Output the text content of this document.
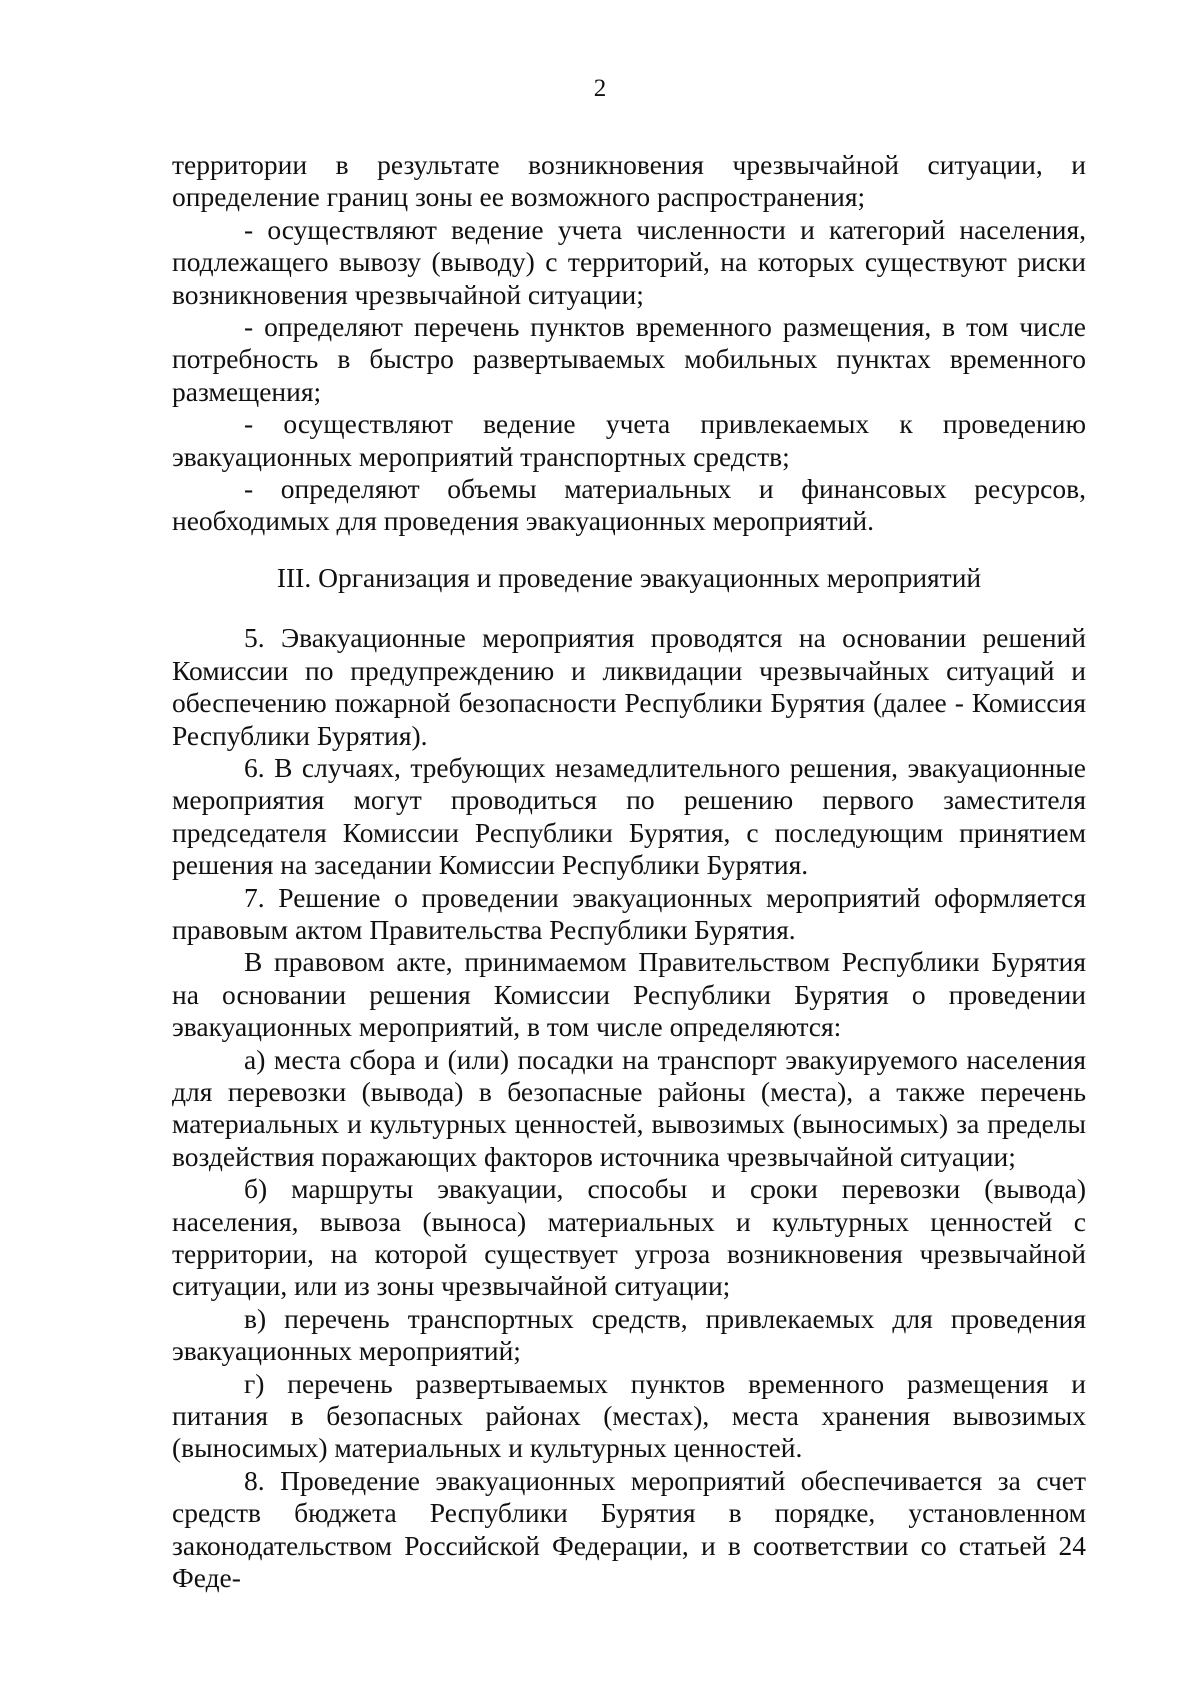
2

территории в результате возникновения чрезвычайной ситуации, и определение границ зоны ее возможного распространения;

- осуществляют ведение учета численности и категорий населения, подлежащего вывозу (выводу) с территорий, на которых существуют риски возникновения чрезвычайной ситуации;

- определяют перечень пунктов временного размещения, в том числе потребность в быстро развертываемых мобильных пунктах временного размещения;

- осуществляют ведение учета привлекаемых к проведению эвакуационных мероприятий транспортных средств;

- определяют объемы материальных и финансовых ресурсов, необходимых для проведения эвакуационных мероприятий.

III. Организация и проведение эвакуационных мероприятий

5. Эвакуационные мероприятия проводятся на основании решений Комиссии по предупреждению и ликвидации чрезвычайных ситуаций и обеспечению пожарной безопасности Республики Бурятия (далее - Комиссия Республики Бурятия).

6. В случаях, требующих незамедлительного решения, эвакуационные мероприятия могут проводиться по решению первого заместителя председателя Комиссии Республики Бурятия, с последующим принятием решения на заседании Комиссии Республики Бурятия.

7. Решение о проведении эвакуационных мероприятий оформляется правовым актом Правительства Республики Бурятия.

В правовом акте, принимаемом Правительством Республики Бурятия на основании решения Комиссии Республики Бурятия о проведении эвакуационных мероприятий, в том числе определяются:

а) места сбора и (или) посадки на транспорт эвакуируемого населения для перевозки (вывода) в безопасные районы (места), а также перечень материальных и культурных ценностей, вывозимых (выносимых) за пределы воздействия поражающих факторов источника чрезвычайной ситуации;

б) маршруты эвакуации, способы и сроки перевозки (вывода) населения, вывоза (выноса) материальных и культурных ценностей с территории, на которой существует угроза возникновения чрезвычайной ситуации, или из зоны чрезвычайной ситуации;

в) перечень транспортных средств, привлекаемых для проведения эвакуационных мероприятий;

г) перечень развертываемых пунктов временного размещения и питания в безопасных районах (местах), места хранения вывозимых (выносимых) материальных и культурных ценностей.

8. Проведение эвакуационных мероприятий обеспечивается за счет средств бюджета Республики Бурятия в порядке, установленном законодательством Российской Федерации, и в соответствии со статьей 24 Феде-
